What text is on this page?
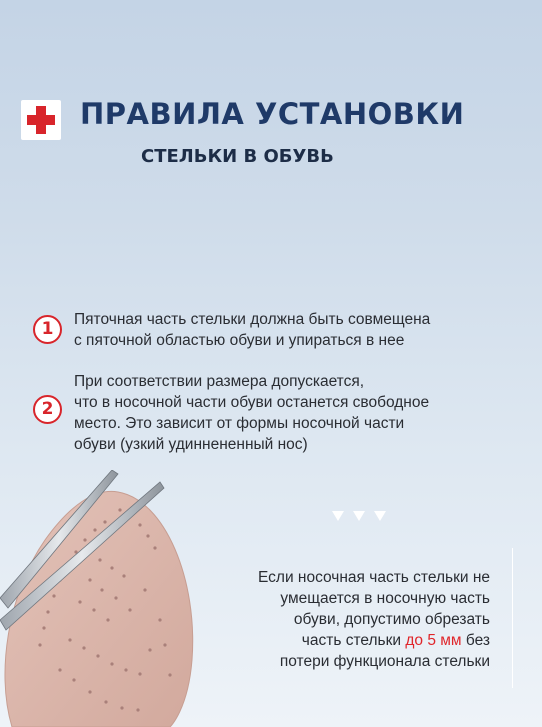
ПРАВИЛА УСТАНОВКИ
СТЕЛЬКИ В ОБУВЬ
1	Пяточная часть стельки должна быть совмещена
с пяточной областью обуви и упираться в нее
2
При соответствии размера допускается,
что в носочной части обуви останется свободное
место. Это зависит от формы носочной части
обуви (узкий удиннененный нос)
Если носочная часть стельки не
умещается в носочную часть
обуви, допустимо обрезать
часть стельки до 5 мм без
потери функционала стельки
